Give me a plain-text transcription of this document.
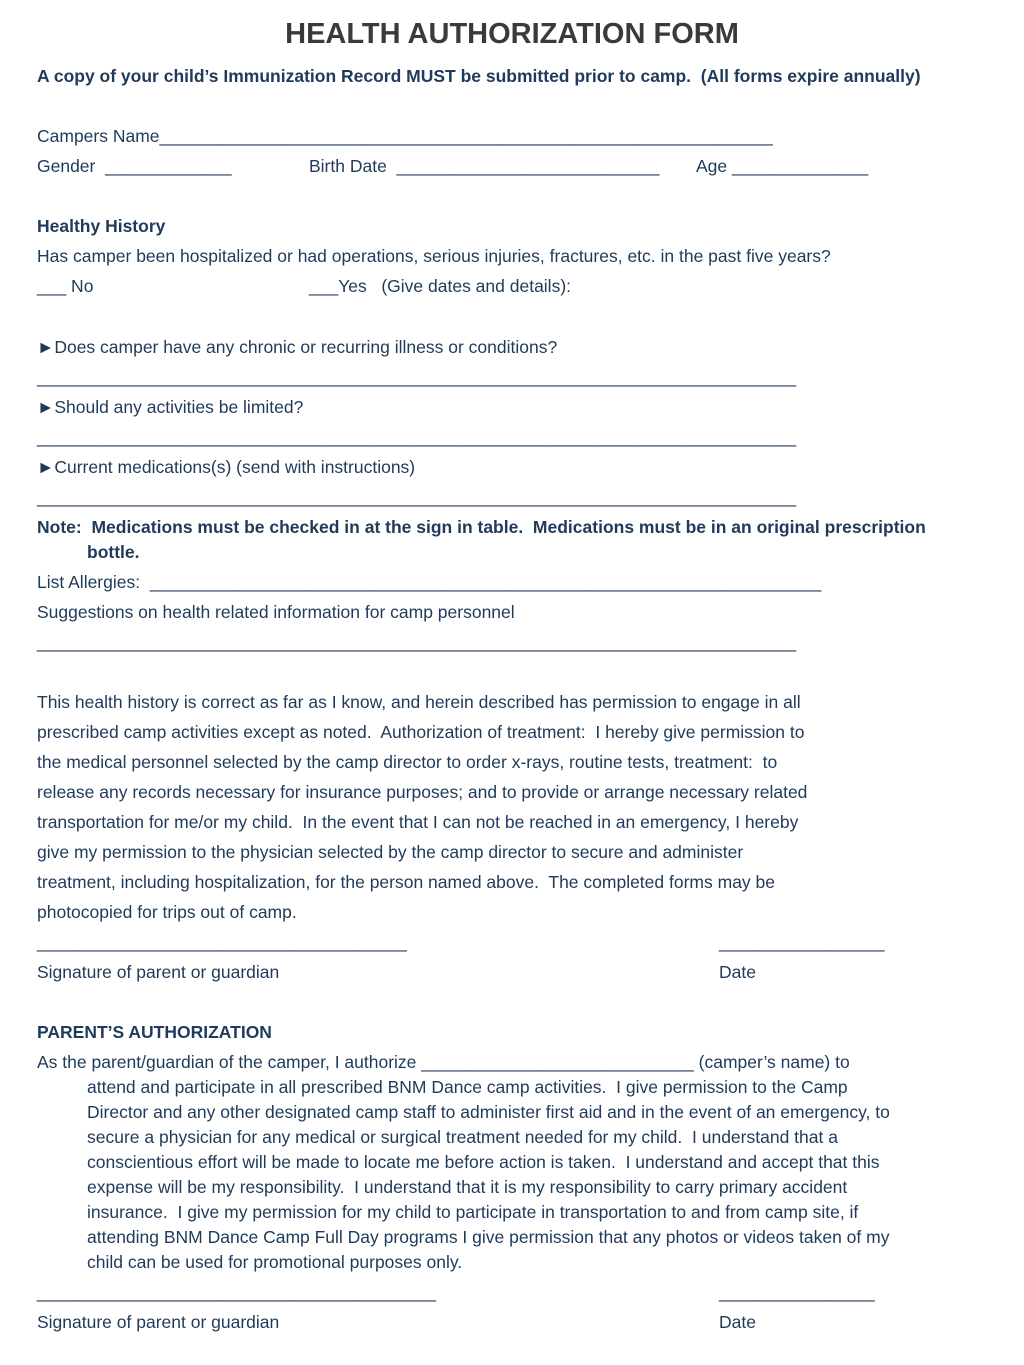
HEALTH AUTHORIZATION FORM
A copy of your child’s Immunization Record MUST be submitted prior to camp.  (All forms expire annually)
Campers Name_______________________________________________________________
Gender  _____________	Birth Date  ___________________________ Age ______________
Healthy History
Has camper been hospitalized or had operations, serious injuries, fractures, etc. in the past five years?
___ No	___Yes   (Give dates and details):
►Does camper have any chronic or recurring illness or conditions?
______________________________________________________________________________
►Should any activities be limited?
______________________________________________________________________________
►Current medications(s) (send with instructions)
______________________________________________________________________________
Note:  Medications must be checked in at the sign in table.  Medications must be in an original prescription
bottle.
List Allergies:  _____________________________________________________________________
Suggestions on health related information for camp personnel
______________________________________________________________________________
This health history is correct as far as I know, and herein described has permission to engage in all
prescribed camp activities except as noted.  Authorization of treatment:  I hereby give permission to
the medical personnel selected by the camp director to order x-rays, routine tests, treatment:  to
release any records necessary for insurance purposes; and to provide or arrange necessary related
transportation for me/or my child.  In the event that I can not be reached in an emergency, I hereby
give my permission to the physician selected by the camp director to secure and administer
treatment, including hospitalization, for the person named above.  The completed forms may be
photocopied for trips out of camp.
______________________________________	_________________
Signature of parent or guardian	Date
PARENT’S AUTHORIZATION
As the parent/guardian of the camper, I authorize ____________________________ (camper’s name) to
attend and participate in all prescribed BNM Dance camp activities.  I give permission to the Camp
Director and any other designated camp staff to administer first aid and in the event of an emergency, to
secure a physician for any medical or surgical treatment needed for my child.  I understand that a
conscientious effort will be made to locate me before action is taken.  I understand and accept that this
expense will be my responsibility.  I understand that it is my responsibility to carry primary accident
insurance.  I give my permission for my child to participate in transportation to and from camp site, if
attending BNM Dance Camp Full Day programs I give permission that any photos or videos taken of my
child can be used for promotional purposes only.
_________________________________________	________________
Signature of parent or guardian	Date
